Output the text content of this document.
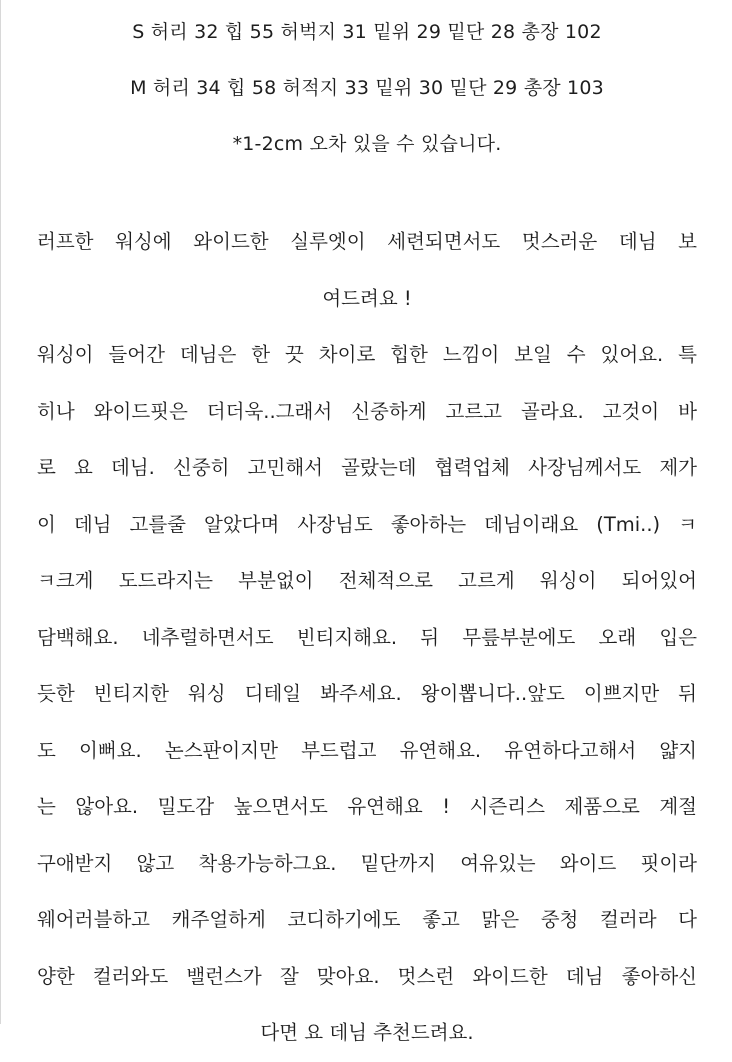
S 허리 32 힙 55 허벅지 31 밑위 29 밑단 28 총장 102
M 허리 34 힙 58 허적지 33 밑위 30 밑단 29 총장 103
*1-2cm 오차 있을 수 있습니다.
러프한 워싱에 와이드한 실루엣이 세련되면서도 멋스러운 데님 보
여드려요 !
워싱이 들어간 데님은 한 끗 차이로 힙한 느낌이 보일 수 있어요. 특
히나 와이드핏은 더더욱..그래서 신중하게 고르고 골라요. 고것이 바
로 요 데님. 신중히 고민해서 골랐는데 협력업체 사장님께서도 제가
이 데님 고를줄 알았다며 사장님도 좋아하는 데님이래요 (Tmi..) ㅋ
ㅋ크게 도드라지는 부분없이 전체적으로 고르게 워싱이 되어있어
담백해요. 네추럴하면서도 빈티지해요. 뒤 무릎부분에도 오래 입은
듯한 빈티지한 워싱 디테일 봐주세요. 왕이뽑니다..앞도 이쁘지만 뒤
도 이뻐요. 논스판이지만 부드럽고 유연해요. 유연하다고해서 얇지
는 않아요. 밀도감 높으면서도 유연해요 ! 시즌리스 제품으로 계절
구애받지 않고 착용가능하그요. 밑단까지 여유있는 와이드 핏이라
웨어러블하고 캐주얼하게 코디하기에도 좋고 맑은 중청 컬러라 다
양한 컬러와도 밸런스가 잘 맞아요. 멋스런 와이드한 데님 좋아하신
다면 요 데님 추천드려요.
